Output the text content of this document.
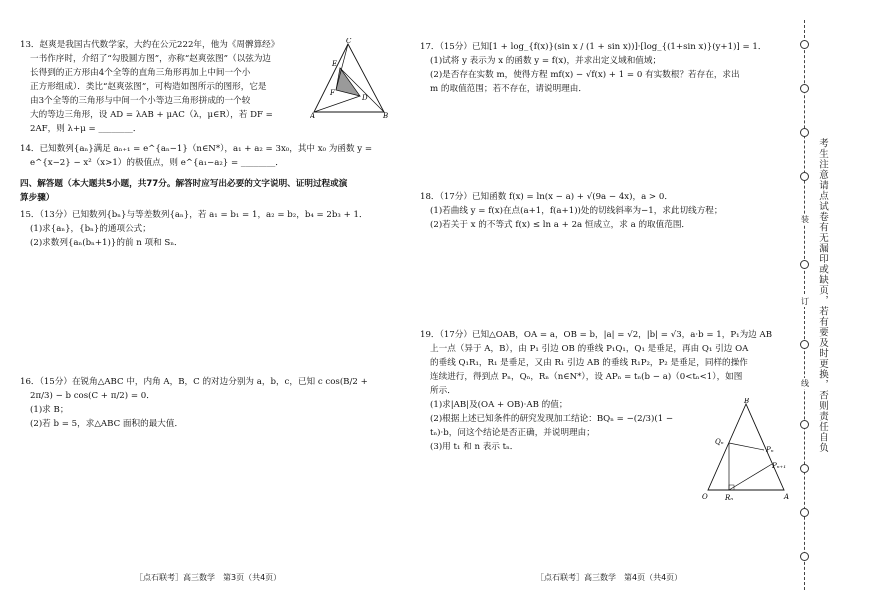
13．赵爽是我国古代数学家，大约在公元222年，他为《周髀算经》
一书作序时，介绍了“勾股圆方图”，亦称“赵爽弦图”（以弦为边
长得到的正方形由4个全等的直角三角形再加上中间一个小
正方形组成）．类比“赵爽弦图”，可构造如图所示的图形，它是
由3个全等的三角形与中间一个小等边三角形拼成的一个较
大的等边三角形，设 AD = λAB + μAC（λ，μ∈R），若 DF =
2AF，则 λ+μ = ________．
C
A	B
E
F
D
14．已知数列{aₙ}满足 aₙ₊₁ = e^{aₙ−1}（n∈N*），a₁ + a₂ = 3x₀，其中 x₀ 为函数 y =
e^{x−2} − x²（x>1）的极值点，则 e^{a₁−a₂} = ________．
四、解答题（本大题共5小题，共77分。解答时应写出必要的文字说明、证明过程或演
算步骤）
15．（13分）已知数列{bₙ}与等差数列{aₙ}，若 a₁ = b₁ = 1，a₂ = b₂，b₄ = 2b₃ + 1．
(1)求{aₙ}，{bₙ}的通项公式；
(2)求数列{aₙ(bₙ+1)}的前 n 项和 Sₙ．
16．（15分）在锐角△ABC 中，内角 A，B，C 的对边分别为 a，b，c，已知 c cos(B/2 +
2π/3) − b cos(C + π/2) = 0．
(1)求 B；
(2)若 b = 5，求△ABC 面积的最大值．
［点石联考］高三数学　第3页（共4页）
17．（15分）已知[1 + log_{f(x)}(sin x / (1 + sin x))]·[log_{(1+sin x)}(y+1)] = 1．
(1)试将 y 表示为 x 的函数 y = f(x)，并求出定义域和值域；
(2)是否存在实数 m，使得方程 mf(x) − √f(x) + 1 = 0 有实数根？若存在，求出
m 的取值范围；若不存在，请说明理由．
18．（17分）已知函数 f(x) = ln(x − a) + √(9a − 4x)，a > 0．
(1)若曲线 y = f(x)在点(a+1，f(a+1))处的切线斜率为−1，求此切线方程；
(2)若关于 x 的不等式 f(x) ≤ ln a + 2a 恒成立，求 a 的取值范围．
19．（17分）已知△OAB，OA = a，OB = b，|a| = √2，|b| = √3，a·b = 1，P₁为边 AB
上一点（异于 A，B），由 P₁ 引边 OB 的垂线 P₁Q₁，Q₁ 是垂足，再由 Q₁ 引边 OA
的垂线 Q₁R₁，R₁ 是垂足，又由 R₁ 引边 AB 的垂线 R₁P₂，P₂ 是垂足，同样的操作
连续进行，得到点 Pₙ，Qₙ，Rₙ（n∈N*），设 APₙ = tₙ(b − a)（0<tₙ<1），如图
所示．
(1)求|AB|及(OA + OB)·AB 的值；
(2)根据上述已知条件的研究发现加工结论：BQₙ = −(2/3)(1 −
tₙ)·b，问这个结论是否正确，并说明理由；
(3)用 t₁ 和 n 表示 tₙ．
B
O	A
Qₙ
Pₙ
Pₙ₊₁
Rₙ
［点石联考］高三数学　第4页（共4页）
装
订
线 考生注意请点试卷有无漏印或缺页，若有要及时更换，否则责任自负
